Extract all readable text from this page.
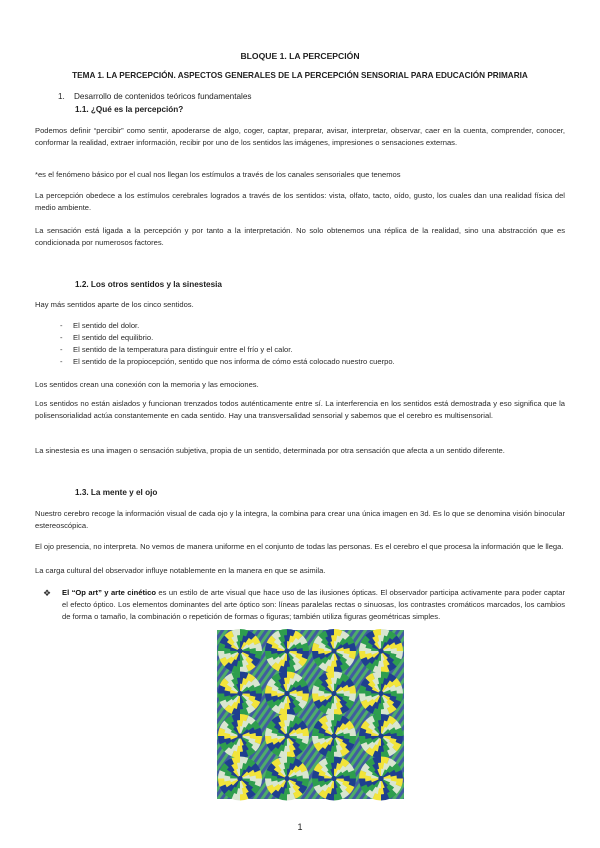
BLOQUE 1. LA PERCEPCIÓN
TEMA 1. LA PERCEPCIÓN. ASPECTOS GENERALES DE LA PERCEPCIÓN SENSORIAL PARA EDUCACIÓN PRIMARIA
1. Desarrollo de contenidos teóricos fundamentales
1.1. ¿Qué es la percepción?

Podemos definir “percibir” como sentir, apoderarse de algo, coger, captar, preparar, avisar, interpretar, observar, caer en la cuenta, comprender, conocer, conformar la realidad, extraer información, recibir por uno de los sentidos las imágenes, impresiones o sensaciones externas.

*es el fenómeno básico por el cual nos llegan los estímulos a través de los canales sensoriales que tenemos

La percepción obedece a los estímulos cerebrales logrados a través de los sentidos: vista, olfato, tacto, oído, gusto, los cuales dan una realidad física del medio ambiente.

La sensación está ligada a la percepción y por tanto a la interpretación. No solo obtenemos una réplica de la realidad, sino una abstracción que es condicionada por numerosos factores.

1.2. Los otros sentidos y la sinestesia

Hay más sentidos aparte de los cinco sentidos.

- El sentido del dolor.
- El sentido del equilibrio.
- El sentido de la temperatura para distinguir entre el frío y el calor.
- El sentido de la propiocepción, sentido que nos informa de cómo está colocado nuestro cuerpo.

Los sentidos crean una conexión con la memoria y las emociones.

Los sentidos no están aislados y funcionan trenzados todos auténticamente entre sí. La interferencia en los sentidos está demostrada y eso significa que la polisensorialidad actúa constantemente en cada sentido. Hay una transversalidad sensorial y sabemos que el cerebro es multisensorial.

La sinestesia es una imagen o sensación subjetiva, propia de un sentido, determinada por otra sensación que afecta a un sentido diferente.

1.3. La mente y el ojo

Nuestro cerebro recoge la información visual de cada ojo y la integra, la combina para crear una única imagen en 3d. Es lo que se denomina visión binocular estereoscópica.

El ojo presencia, no interpreta. No vemos de manera uniforme en el conjunto de todas las personas. Es el cerebro el que procesa la información que le llega.

La carga cultural del observador influye notablemente en la manera en que se asimila.

❖ El “Op art” y arte cinético es un estilo de arte visual que hace uso de las ilusiones ópticas. El observador participa activamente para poder captar el efecto óptico. Los elementos dominantes del arte óptico son: líneas paralelas rectas o sinuosas, los contrastes cromáticos marcados, los cambios de forma o tamaño, la combinación o repetición de formas o figuras; también utiliza figuras geométricas simples.

1
